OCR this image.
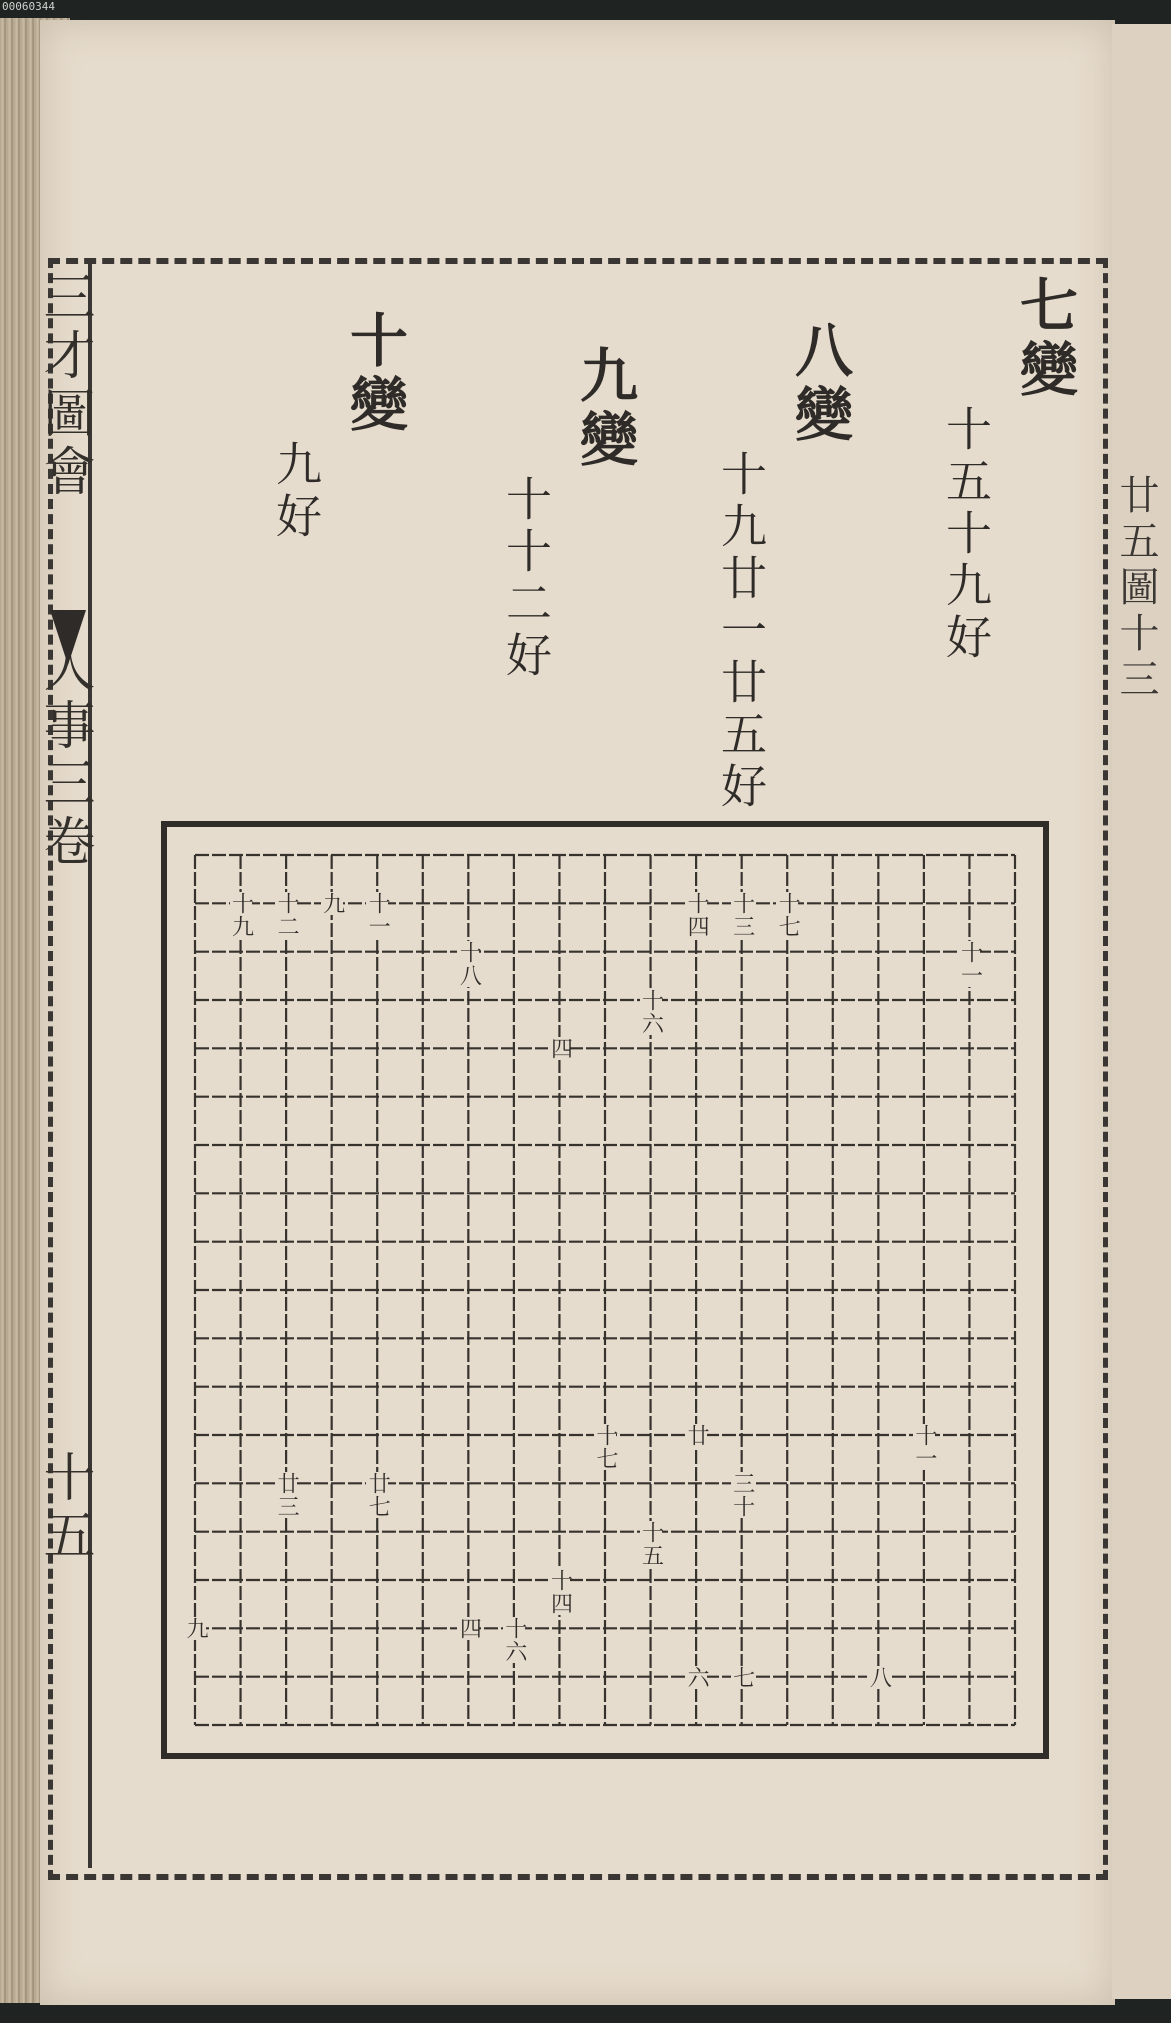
00060344
廿五圖十三
三才圖會
人事三卷
十五
七變
十五十九好
八變
十九廿一廿五好
九變
十十二好
十變
九好
十九 十二 九 十一
十八
十四 十三 十七
十一
十六
四
廿三	廿七
十七
十五
三十
廿	十一
十四
十六
四
九
六 七	八
